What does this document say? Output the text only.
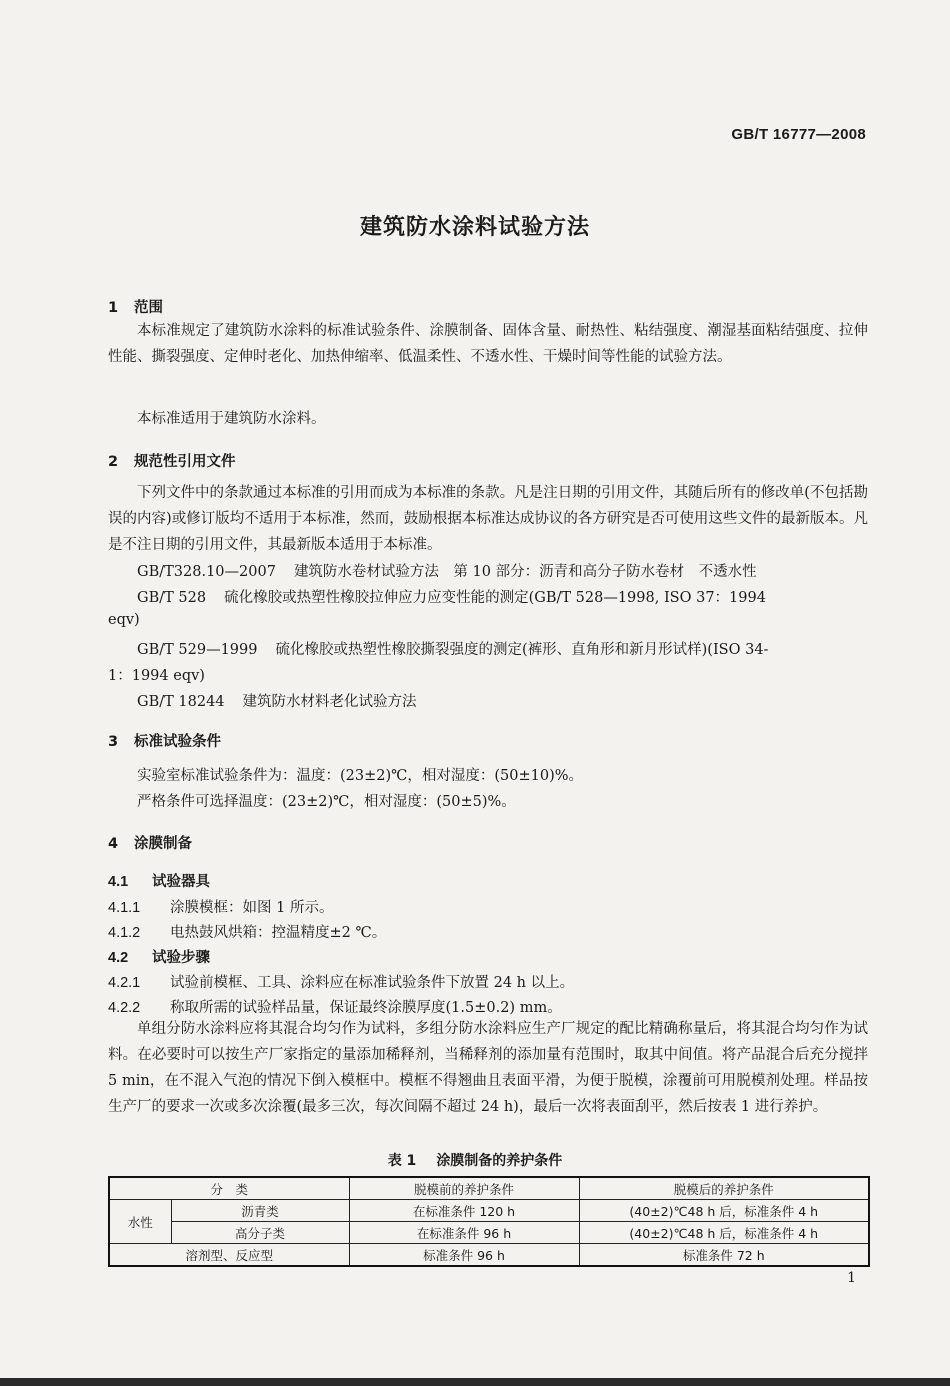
GB/T 16777—2008
建筑防水涂料试验方法
1 范围
本标准规定了建筑防水涂料的标准试验条件、涂膜制备、固体含量、耐热性、粘结强度、潮湿基面粘结强度、拉伸性能、撕裂强度、定伸时老化、加热伸缩率、低温柔性、不透水性、干燥时间等性能的试验方法。
本标准适用于建筑防水涂料。
2 规范性引用文件
下列文件中的条款通过本标准的引用而成为本标准的条款。凡是注日期的引用文件，其随后所有的修改单(不包括勘误的内容)或修订版均不适用于本标准，然而，鼓励根据本标准达成协议的各方研究是否可使用这些文件的最新版本。凡是不注日期的引用文件，其最新版本适用于本标准。
GB/T328.10—2007 建筑防水卷材试验方法　第 10 部分：沥青和高分子防水卷材　不透水性
GB/T 528 硫化橡胶或热塑性橡胶拉伸应力应变性能的测定(GB/T 528—1998, ISO 37：1994
eqv)
GB/T 529—1999 硫化橡胶或热塑性橡胶撕裂强度的测定(裤形、直角形和新月形试样)(ISO 34-
1：1994 eqv)
GB/T 18244 建筑防水材料老化试验方法
3 标准试验条件
实验室标准试验条件为：温度：(23±2)℃，相对湿度：(50±10)%。
严格条件可选择温度：(23±2)℃，相对湿度：(50±5)%。
4 涂膜制备
4.1 试验器具
4.1.1 涂膜模框：如图 1 所示。
4.1.2 电热鼓风烘箱：控温精度±2 ℃。
4.2 试验步骤
4.2.1 试验前模框、工具、涂料应在标准试验条件下放置 24 h 以上。
4.2.2 称取所需的试验样品量，保证最终涂膜厚度(1.5±0.2) mm。
单组分防水涂料应将其混合均匀作为试料，多组分防水涂料应生产厂规定的配比精确称量后，将其混合均匀作为试料。在必要时可以按生产厂家指定的量添加稀释剂，当稀释剂的添加量有范围时，取其中间值。将产品混合后充分搅拌 5 min，在不混入气泡的情况下倒入模框中。模框不得翘曲且表面平滑，为便于脱模，涂覆前可用脱模剂处理。样品按生产厂的要求一次或多次涂覆(最多三次，每次间隔不超过 24 h)，最后一次将表面刮平，然后按表 1 进行养护。
表 1 涂膜制备的养护条件
分　类		脱模前的养护条件	脱模后的养护条件
水性	沥青类	在标准条件 120 h	(40±2)℃48 h 后，标准条件 4 h
	高分子类	在标准条件 96 h	(40±2)℃48 h 后，标准条件 4 h
溶剂型、反应型		标准条件 96 h	标准条件 72 h
1
